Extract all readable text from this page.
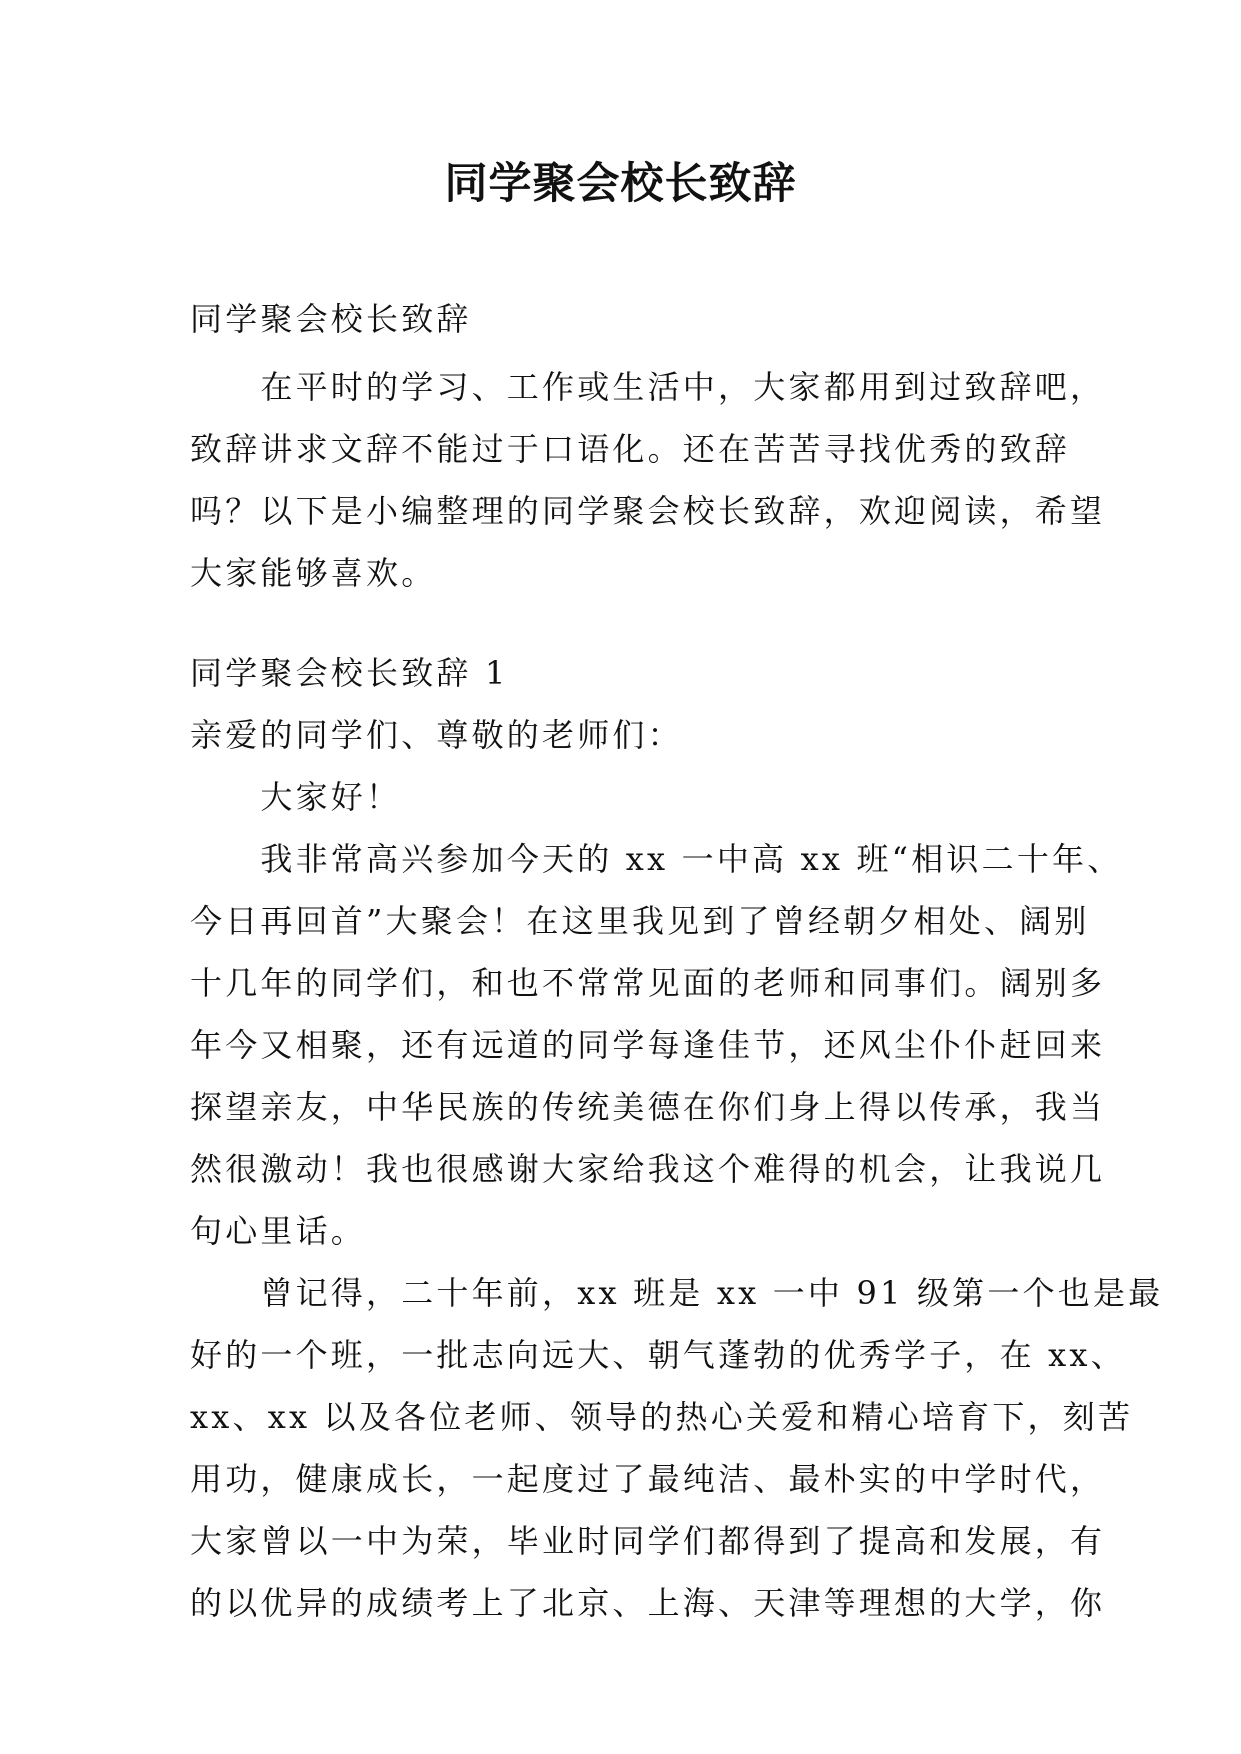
同学聚会校长致辞
同学聚会校长致辞
　　在平时的学习、工作或生活中，大家都用到过致辞吧，
致辞讲求文辞不能过于口语化。还在苦苦寻找优秀的致辞
吗？以下是小编整理的同学聚会校长致辞，欢迎阅读，希望
大家能够喜欢。
同学聚会校长致辞 1
亲爱的同学们、尊敬的老师们：
　　大家好！
　　我非常高兴参加今天的 xx 一中高 xx 班“相识二十年、
今日再回首”大聚会！在这里我见到了曾经朝夕相处、阔别
十几年的同学们，和也不常常见面的老师和同事们。阔别多
年今又相聚，还有远道的同学每逢佳节，还风尘仆仆赶回来
探望亲友，中华民族的传统美德在你们身上得以传承，我当
然很激动！我也很感谢大家给我这个难得的机会，让我说几
句心里话。
　　曾记得，二十年前，xx 班是 xx 一中 91 级第一个也是最
好的一个班，一批志向远大、朝气蓬勃的优秀学子，在 xx、
xx、xx 以及各位老师、领导的热心关爱和精心培育下，刻苦
用功，健康成长，一起度过了最纯洁、最朴实的中学时代，
大家曾以一中为荣，毕业时同学们都得到了提高和发展，有
的以优异的成绩考上了北京、上海、天津等理想的大学，你
